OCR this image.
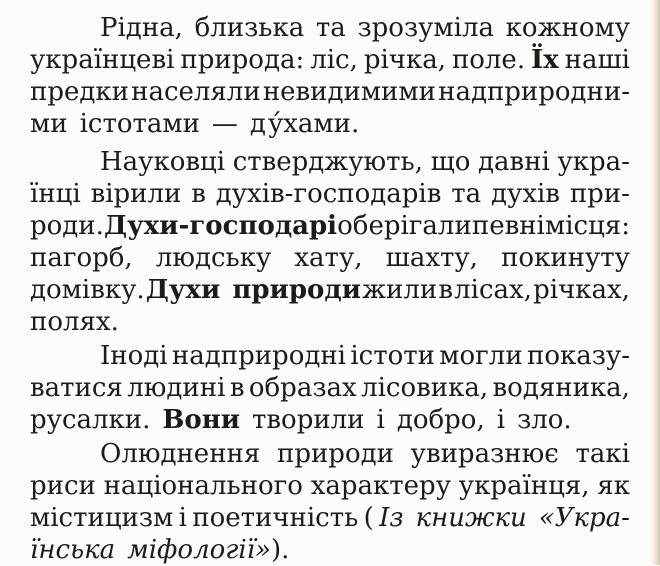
Рідна, близька та зрозуміла кожному
українцеві природа: ліс, річка, поле. Їх наші
предки населяли невидимими надприродни-
ми істотами — д у́хами.
Науковці стверджують, що давні укра-
їнці вірили в духів-господарів та духів при-
роди. Духи-господарі оберігали певні місця:
пагорб, людську хату, шахту, покинуту
домівку. Духи природи жили в лісах, річках,
полях.
Іноді надприродні істоти могли показу-
ватися людині в образах лісовика, водяника,
русалки. Вони творили і добро, і зло.
Олюднення природи увиразнює такі
риси національного характеру українця, як
містицизм і поетичність ( Із книжки «Укра-
їнська міфології» ).
